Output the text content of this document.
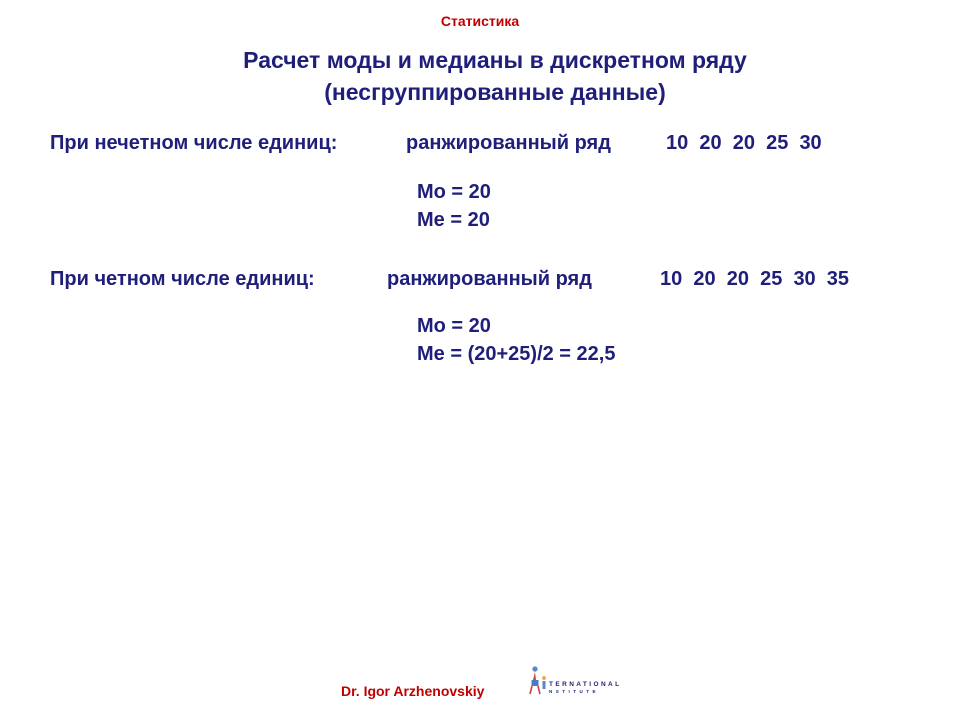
Статистика
Расчет моды и медианы в дискретном ряду
(несгруппированные данные)
При нечетном числе единиц:	ранжированный ряд	10  20  20  25  30
Мо = 20
Ме = 20
При четном числе единиц:	ранжированный ряд	10  20  20  25  30  35
Мо = 20
Ме = (20+25)/2 = 22,5
Dr. Igor Arzhenovskiy	TERNATIONAL
NSTITUTE
